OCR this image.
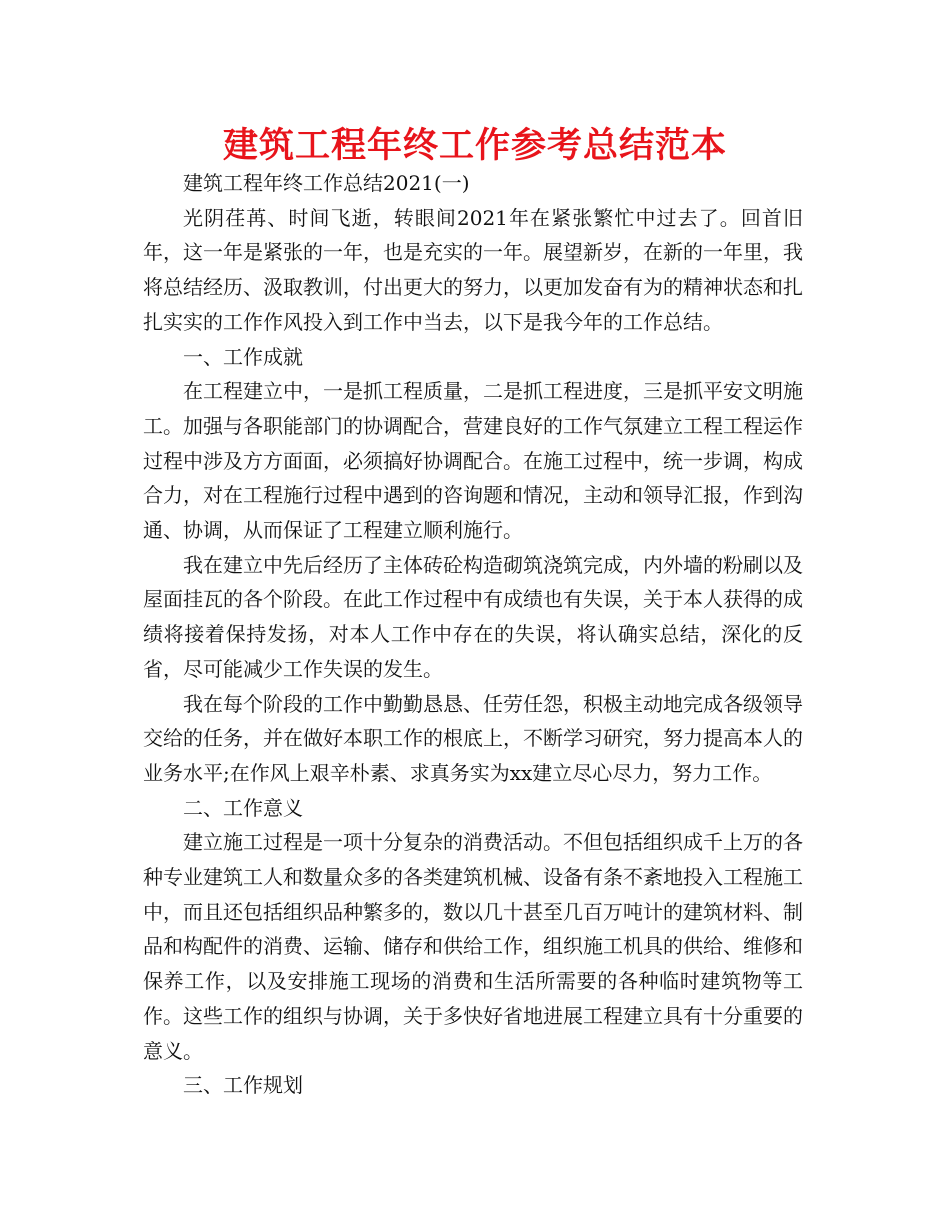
建筑工程年终工作参考总结范本

建筑工程年终工作总结2021(一)

光阴荏苒、时间飞逝，转眼间2021年在紧张繁忙中过去了。回首旧年，这一年是紧张的一年，也是充实的一年。展望新岁，在新的一年里，我将总结经历、汲取教训，付出更大的努力，以更加发奋有为的精神状态和扎扎实实的工作作风投入到工作中当去，以下是我今年的工作总结。

一、工作成就

在工程建立中，一是抓工程质量，二是抓工程进度，三是抓平安文明施工。加强与各职能部门的协调配合，营建良好的工作气氛建立工程工程运作过程中涉及方方面面，必须搞好协调配合。在施工过程中，统一步调，构成合力，对在工程施行过程中遇到的咨询题和情况，主动和领导汇报，作到沟通、协调，从而保证了工程建立顺利施行。

我在建立中先后经历了主体砖砼构造砌筑浇筑完成，内外墙的粉刷以及屋面挂瓦的各个阶段。在此工作过程中有成绩也有失误，关于本人获得的成绩将接着保持发扬，对本人工作中存在的失误，将认确实总结，深化的反省，尽可能减少工作失误的发生。

我在每个阶段的工作中勤勤恳恳、任劳任怨，积极主动地完成各级领导交给的任务，并在做好本职工作的根底上，不断学习研究，努力提高本人的业务水平;在作风上艰辛朴素、求真务实为xx建立尽心尽力，努力工作。

二、工作意义

建立施工过程是一项十分复杂的消费活动。不但包括组织成千上万的各种专业建筑工人和数量众多的各类建筑机械、设备有条不紊地投入工程施工中，而且还包括组织品种繁多的，数以几十甚至几百万吨计的建筑材料、制品和构配件的消费、运输、储存和供给工作，组织施工机具的供给、维修和保养工作，以及安排施工现场的消费和生活所需要的各种临时建筑物等工作。这些工作的组织与协调，关于多快好省地进展工程建立具有十分重要的意义。

三、工作规划
